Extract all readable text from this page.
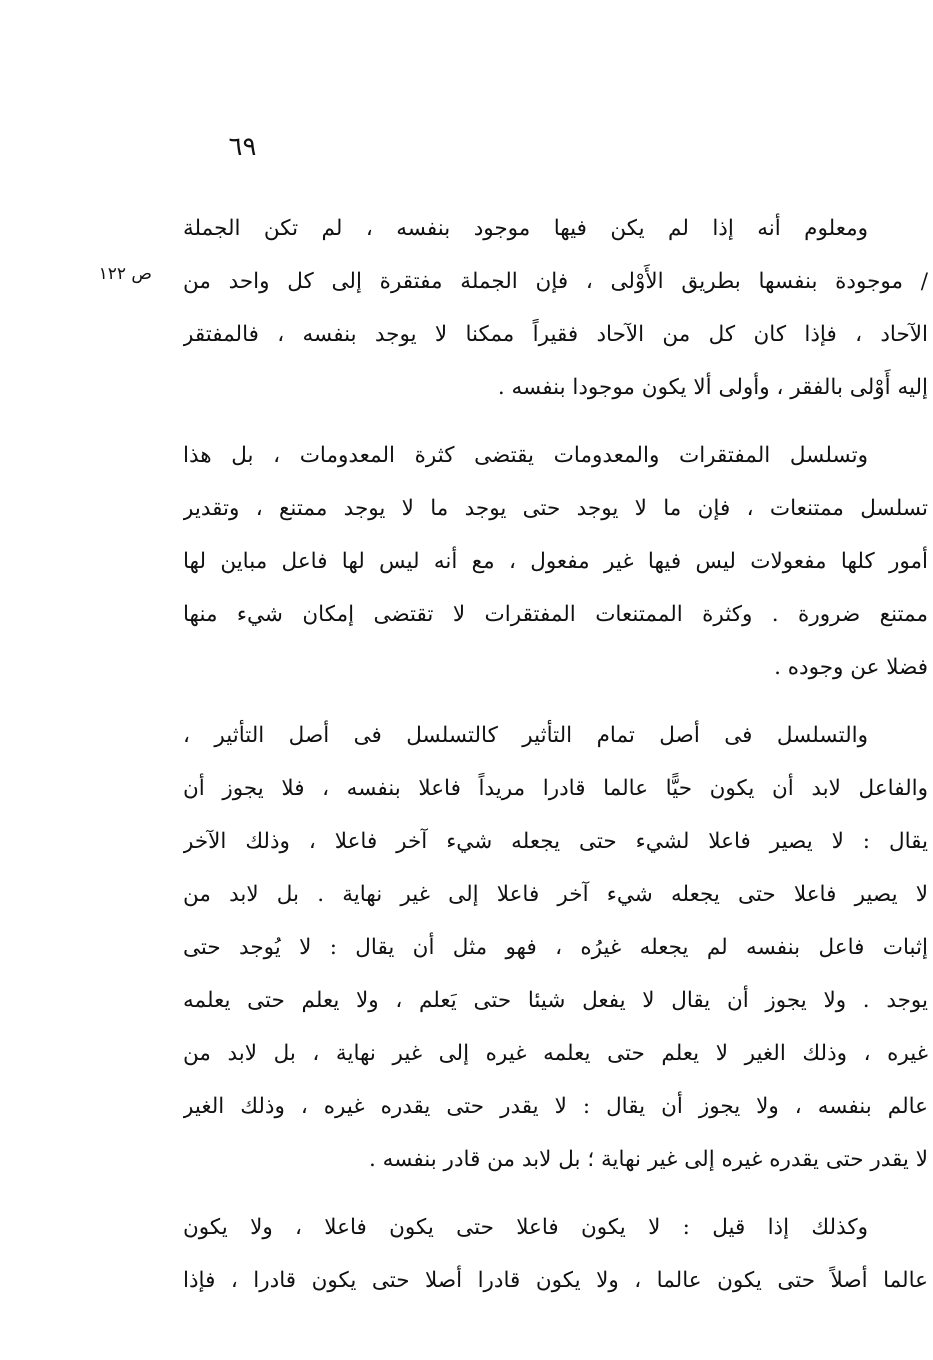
٦٩
ص ١٢٢
ومعلوم أنه إذا لم يكن فيها موجود بنفسه ، لم تكن الجملة
/ موجودة بنفسها بطريق الأَوْلى ، فإن الجملة مفتقرة إلى كل واحد من
الآحاد ، فإذا كان كل من الآحاد فقيراً ممكنا لا يوجد بنفسه ، فالمفتقر
إليه أَوْلى بالفقر ، وأولى ألا يكون موجودا بنفسه .
وتسلسل المفتقرات والمعدومات يقتضى كثرة المعدومات ، بل هذا
تسلسل ممتنعات ، فإن ما لا يوجد حتى يوجد ما لا يوجد ممتنع ، وتقدير
أمور كلها مفعولات ليس فيها غير مفعول ، مع أنه ليس لها فاعل مباين لها
ممتنع ضرورة . وكثرة الممتنعات المفتقرات لا تقتضى إمكان شيء منها
فضلا عن وجوده .
والتسلسل فى أصل تمام التأثير كالتسلسل فى أصل التأثير ،
والفاعل لابد أن يكون حيًّا عالما قادرا مريداً فاعلا بنفسه ، فلا يجوز أن
يقال : لا يصير فاعلا لشيء حتى يجعله شيء آخر فاعلا ، وذلك الآخر
لا يصير فاعلا حتى يجعله شيء آخر فاعلا إلى غير نهاية . بل لابد من
إثبات فاعل بنفسه لم يجعله غيرُه ، فهو مثل أن يقال : لا يُوجد حتى
يوجد . ولا يجوز أن يقال لا يفعل شيئا حتى يَعلم ، ولا يعلم حتى يعلمه
غيره ، وذلك الغير لا يعلم حتى يعلمه غيره إلى غير نهاية ، بل لابد من
عالم بنفسه ، ولا يجوز أن يقال : لا يقدر حتى يقدره غيره ، وذلك الغير
لا يقدر حتى يقدره غيره إلى غير نهاية ؛ بل لابد من قادر بنفسه .
وكذلك إذا قيل : لا يكون فاعلا حتى يكون فاعلا ، ولا يكون
عالما أصلاً حتى يكون عالما ، ولا يكون قادرا أصلا حتى يكون قادرا ، فإذا
